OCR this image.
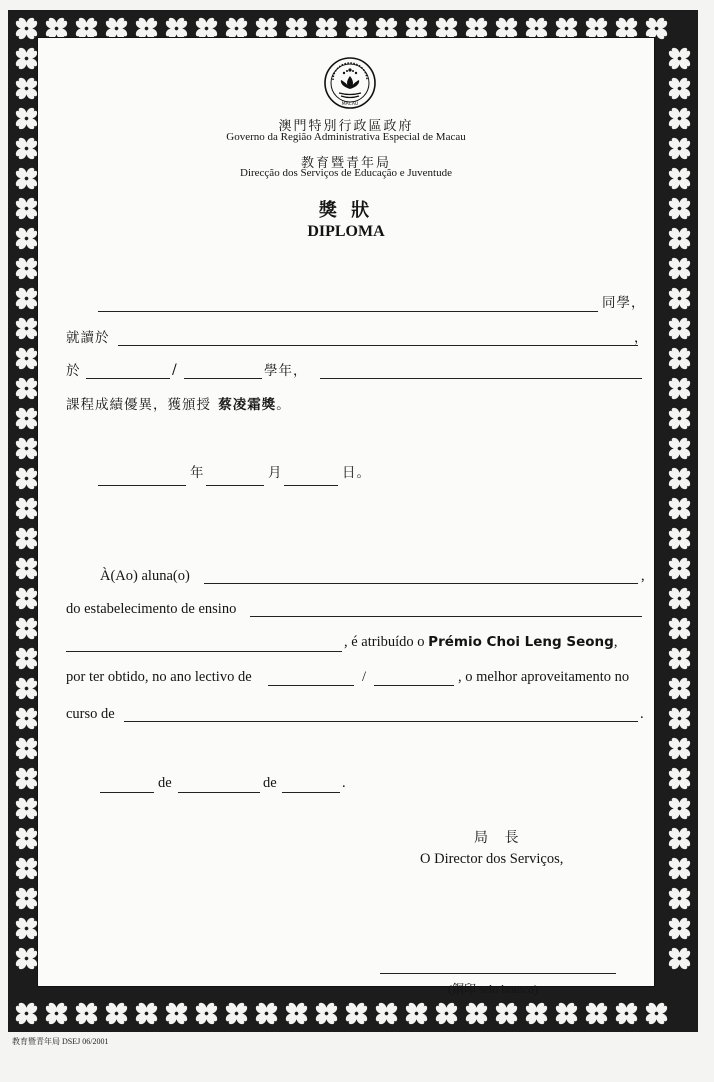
MACAU
澳門特別行政區政府
Governo da Região Administrativa Especial de Macau
教育暨青年局
Direcção dos Serviços de Educação e Juventude
獎 狀
DIPLOMA
同學，
就讀於	，
於	/	學年，
課程成績優異，獲頒授 蔡凌霜獎。
年	月	日。
À(Ao) aluna(o)	,
do estabelecimento de ensino
, é atribuído o Prémio Choi Leng Seong,
por ter obtido, no ano lectivo de	/	, o melhor aproveitamento no
curso de	.
de	de	.
局 長
O Director dos Serviços,
(鋼印 selo branco)
教育暨青年局 DSEJ 06/2001
